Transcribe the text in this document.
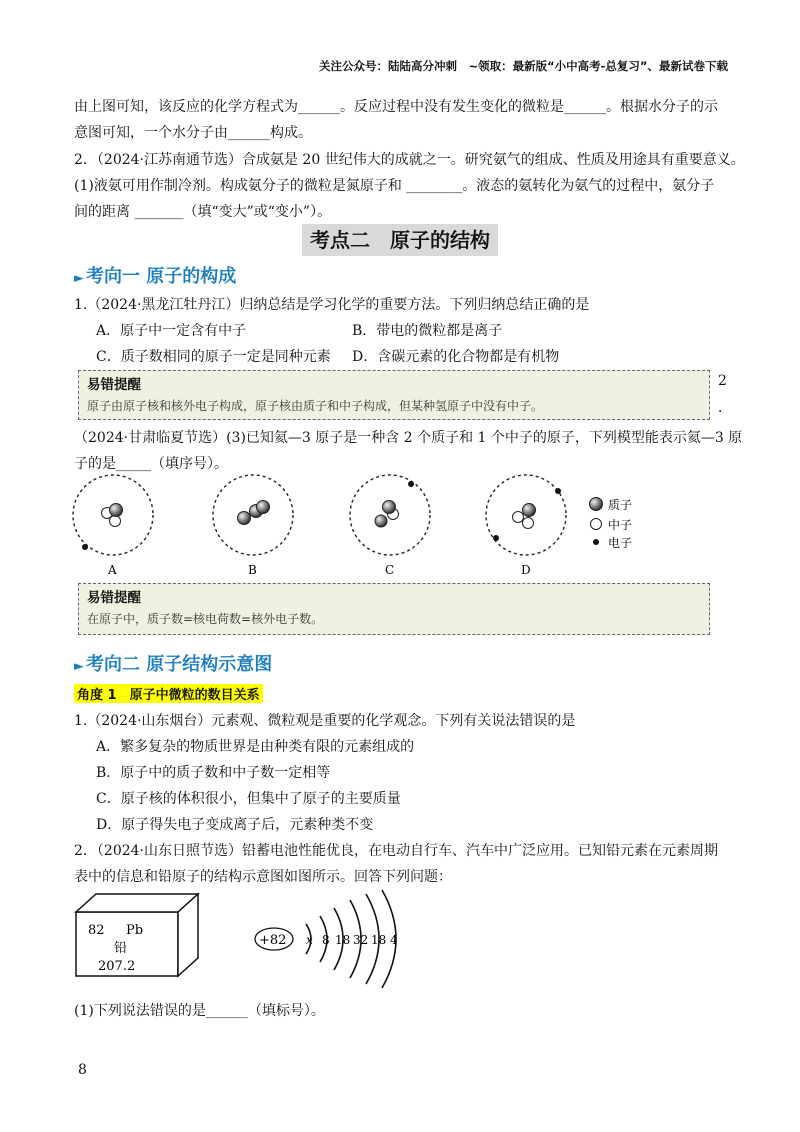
关注公众号：陆陆高分冲刺　~领取：最新版“小中高考-总复习”、最新试卷下载
由上图可知，该反应的化学方程式为______。反应过程中没有发生变化的微粒是______。根据水分子的示
意图可知，一个水分子由______构成。
2．（2024·江苏南通节选）合成氨是 20 世纪伟大的成就之一。研究氨气的组成、性质及用途具有重要意义。
(1)液氨可用作制冷剂。构成氨分子的微粒是氮原子和 ________。液态的氨转化为氨气的过程中，氨分子
间的距离 _______（填“变大”或“变小”）。
考点二　原子的结构
► 考向一 原子的构成
1.（2024·黑龙江牡丹江）归纳总结是学习化学的重要方法。下列归纳总结正确的是
A．原子中一定含有中子	B．带电的微粒都是离子
C．质子数相同的原子一定是同种元素 D．含碳元素的化合物都是有机物
易错提醒
原子由原子核和核外电子构成，原子核由质子和中子构成，但某种氢原子中没有中子。
2
．
（2024·甘肃临夏节选）(3)已知氦—3 原子是一种含 2 个质子和 1 个中子的原子，下列模型能表示氦—3 原
子的是_____（填序号）。
A	B	C	D
质子
中子
电子
易错提醒
在原子中，质子数=核电荷数=核外电子数。
► 考向二 原子结构示意图
角度 1　原子中微粒的数目关系
1.（2024·山东烟台）元素观、微粒观是重要的化学观念。下列有关说法错误的是
A．繁多复杂的物质世界是由种类有限的元素组成的
B．原子中的质子数和中子数一定相等
C．原子核的体积很小，但集中了原子的主要质量
D．原子得失电子变成离子后，元素种类不变
2．（2024·山东日照节选）铅蓄电池性能优良，在电动自行车、汽车中广泛应用。已知铅元素在元素周期
表中的信息和铅原子的结构示意图如图所示。回答下列问题：
82 Pb
铅
207.2
+82 x 8 18 32 18 4
(1)下列说法错误的是______（填标号）。
8
